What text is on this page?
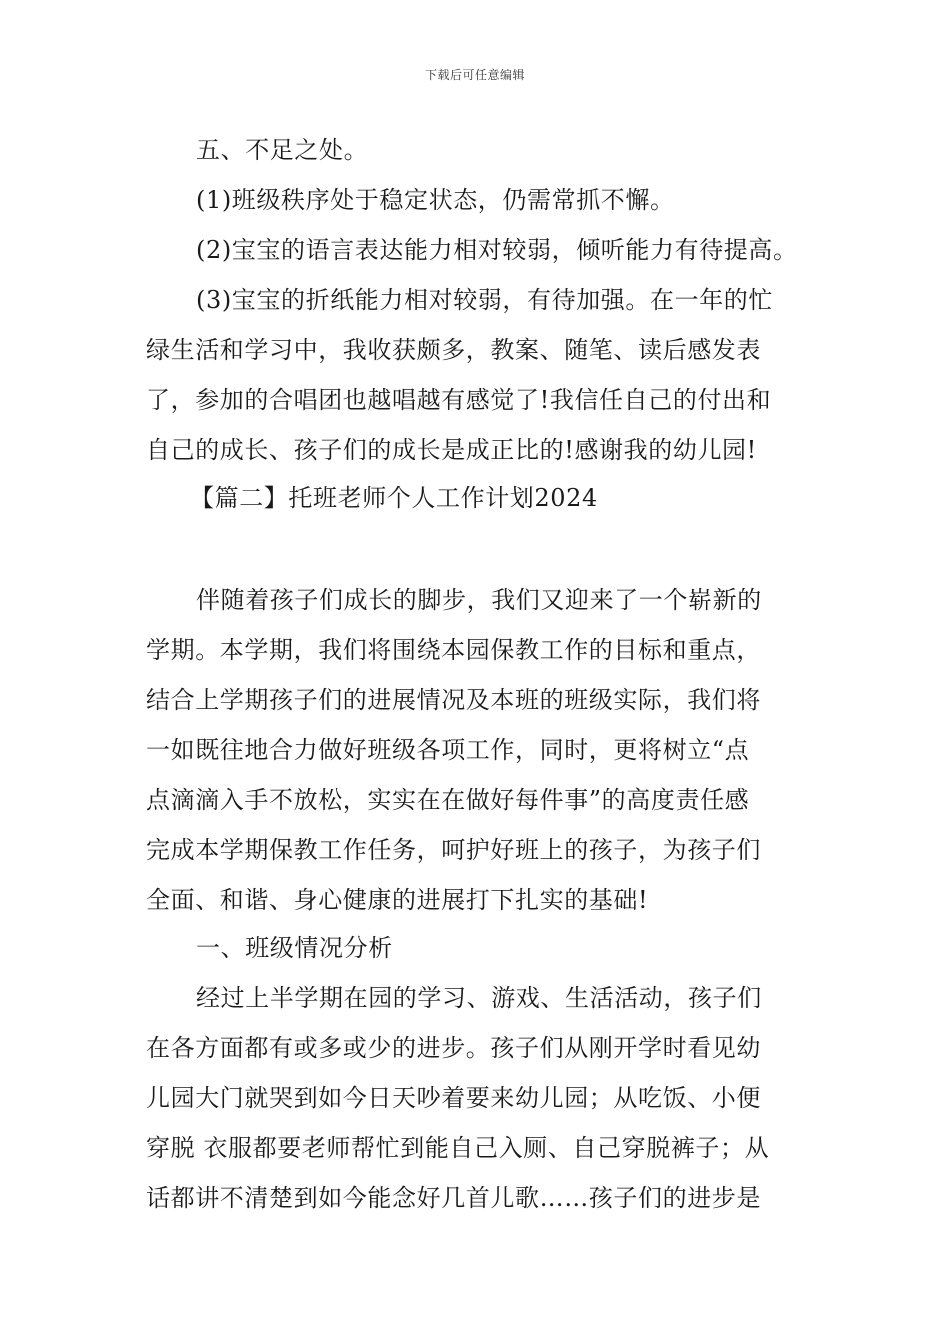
下载后可任意编辑
五、不足之处。
(1)班级秩序处于稳定状态，仍需常抓不懈。
(2)宝宝的语言表达能力相对较弱，倾听能力有待提高。
(3)宝宝的折纸能力相对较弱，有待加强。在一年的忙
绿生活和学习中，我收获颇多，教案、随笔、读后感发表
了，参加的合唱团也越唱越有感觉了!我信任自己的付出和
自己的成长、孩子们的成长是成正比的!感谢我的幼儿园!
【篇二】托班老师个人工作计划2024
伴随着孩子们成长的脚步，我们又迎来了一个崭新的
学期。本学期，我们将围绕本园保教工作的目标和重点，
结合上学期孩子们的进展情况及本班的班级实际，我们将
一如既往地合力做好班级各项工作，同时，更将树立“点
点滴滴入手不放松，实实在在做好每件事”的高度责任感
完成本学期保教工作任务，呵护好班上的孩子，为孩子们
全面、和谐、身心健康的进展打下扎实的基础!
一、班级情况分析
经过上半学期在园的学习、游戏、生活活动，孩子们
在各方面都有或多或少的进步。孩子们从刚开学时看见幼
儿园大门就哭到如今日天吵着要来幼儿园；从吃饭、小便
穿脱 衣服都要老师帮忙到能自己入厕、自己穿脱裤子；从
话都讲不清楚到如今能念好几首儿歌……孩子们的进步是
